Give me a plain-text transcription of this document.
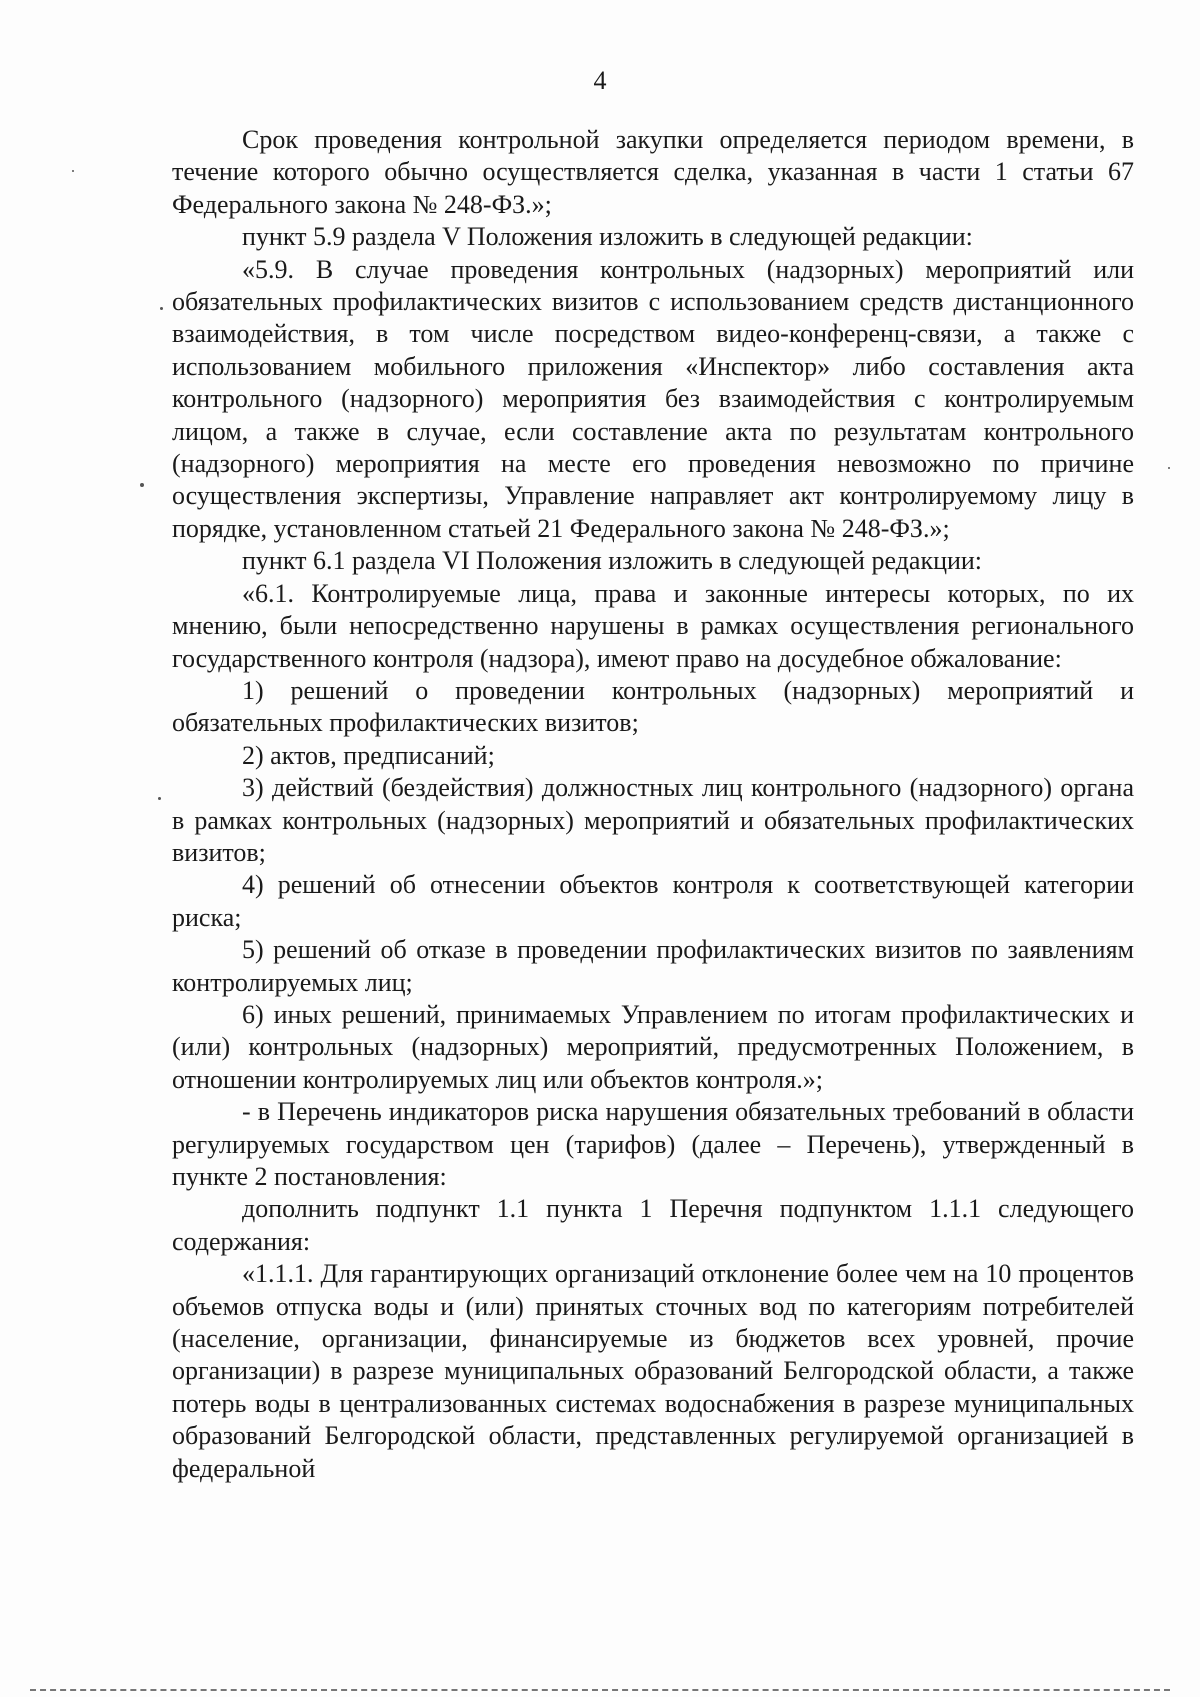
4

Срок проведения контрольной закупки определяется периодом времени, в течение которого обычно осуществляется сделка, указанная в части 1 статьи 67 Федерального закона № 248-ФЗ.»;

пункт 5.9 раздела V Положения изложить в следующей редакции:

«5.9. В случае проведения контрольных (надзорных) мероприятий или обязательных профилактических визитов с использованием средств дистанционного взаимодействия, в том числе посредством видео-конференц-связи, а также с использованием мобильного приложения «Инспектор» либо составления акта контрольного (надзорного) мероприятия без взаимодействия с контролируемым лицом, а также в случае, если составление акта по результатам контрольного (надзорного) мероприятия на месте его проведения невозможно по причине осуществления экспертизы, Управление направляет акт контролируемому лицу в порядке, установленном статьей 21 Федерального закона № 248-ФЗ.»;

пункт 6.1 раздела VI Положения изложить в следующей редакции:

«6.1. Контролируемые лица, права и законные интересы которых, по их мнению, были непосредственно нарушены в рамках осуществления регионального государственного контроля (надзора), имеют право на досудебное обжалование:

1) решений о проведении контрольных (надзорных) мероприятий и обязательных профилактических визитов;

2) актов, предписаний;

3) действий (бездействия) должностных лиц контрольного (надзорного) органа в рамках контрольных (надзорных) мероприятий и обязательных профилактических визитов;

4) решений об отнесении объектов контроля к соответствующей категории риска;

5) решений об отказе в проведении профилактических визитов по заявлениям контролируемых лиц;

6) иных решений, принимаемых Управлением по итогам профилактических и (или) контрольных (надзорных) мероприятий, предусмотренных Положением, в отношении контролируемых лиц или объектов контроля.»;

- в Перечень индикаторов риска нарушения обязательных требований в области регулируемых государством цен (тарифов) (далее – Перечень), утвержденный в пункте 2 постановления:

дополнить подпункт 1.1 пункта 1 Перечня подпунктом 1.1.1 следующего содержания:

«1.1.1. Для гарантирующих организаций отклонение более чем на 10 процентов объемов отпуска воды и (или) принятых сточных вод по категориям потребителей (население, организации, финансируемые из бюджетов всех уровней, прочие организации) в разрезе муниципальных образований Белгородской области, а также потерь воды в централизованных системах водоснабжения в разрезе муниципальных образований Белгородской области, представленных регулируемой организацией в федеральной
